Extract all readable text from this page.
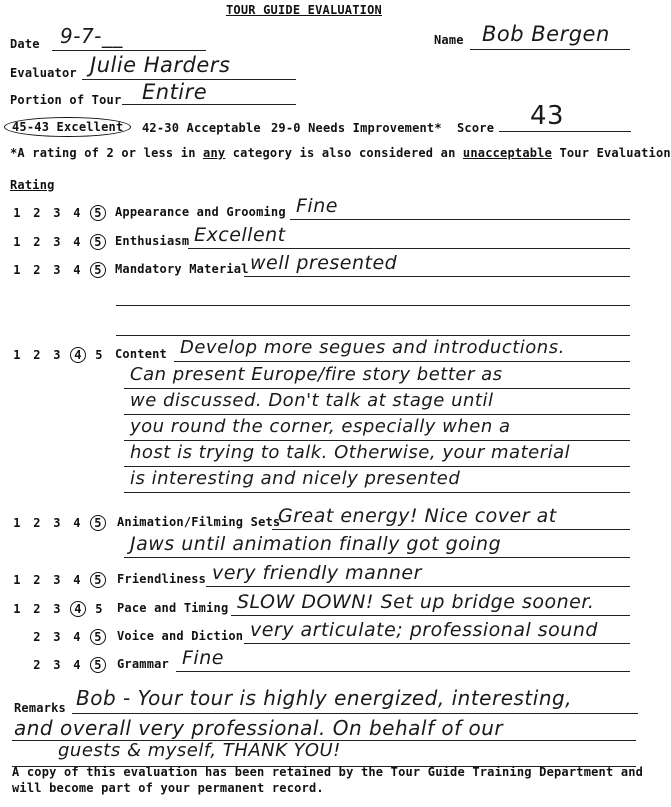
TOUR GUIDE EVALUATION
Date 9-7-__	Name Bob Bergen
Evaluator Julie Harders
Portion of Tour Entire
45-43 Excellent	42-30 Acceptable 29-0 Needs Improvement* Score 43
*A rating of 2 or less in any category is also considered an unacceptable Tour Evaluation
Rating
1 2 3 4 5	Appearance and Grooming Fine
1 2 3 4 5	Enthusiasm Excellent
1 2 3 4 5	Mandatory Material well presented
1 2 3 4 5 Content Develop more segues and introductions.
Can present Europe/fire story better as
we discussed. Don't talk at stage until
you round the corner, especially when a
host is trying to talk. Otherwise, your material
is interesting and nicely presented
1 2 3 4 5	Animation/Filming Sets
Great energy! Nice cover at
Jaws until animation finally got going
1 2 3 4 5	Friendliness very friendly manner
1 2 3 4 5 Pace and Timing SLOW DOWN! Set up bridge sooner.
2 3 4 5	Voice and Diction very articulate; professional sound
2 3 4 5	Grammar Fine
Remarks Bob - Your tour is highly energized, interesting,
and overall very professional. On behalf of our
guests & myself, THANK YOU!
A copy of this evaluation has been retained by the Tour Guide Training Department and
will become part of your permanent record.
